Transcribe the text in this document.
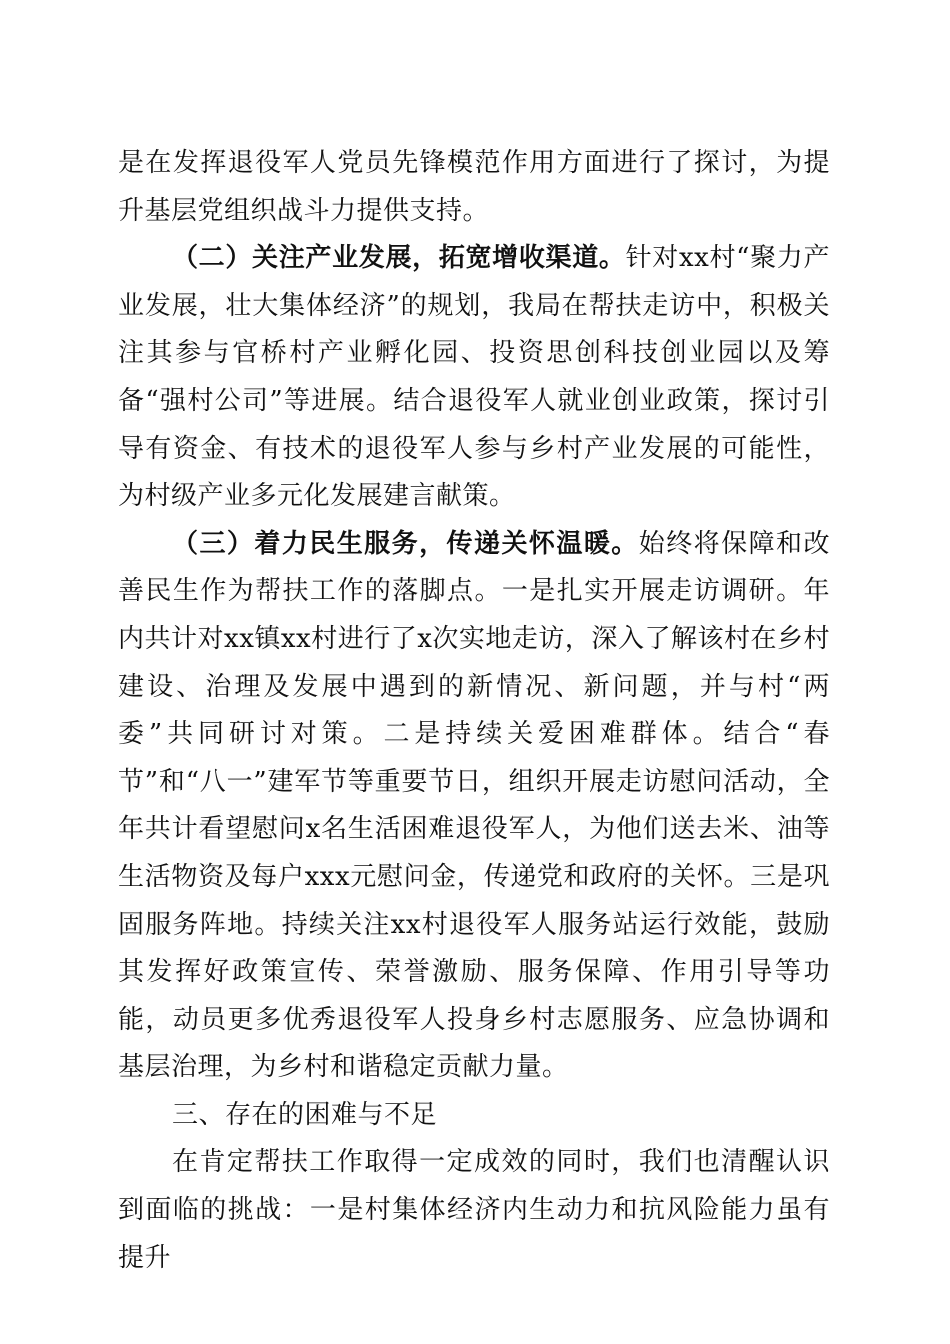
是在发挥退役军人党员先锋模范作用方面进行了探讨，为提升基层党组织战斗力提供支持。

（二）关注产业发展，拓宽增收渠道。针对xx村“聚力产业发展，壮大集体经济”的规划，我局在帮扶走访中，积极关注其参与官桥村产业孵化园、投资思创科技创业园以及筹备“强村公司”等进展。结合退役军人就业创业政策，探讨引导有资金、有技术的退役军人参与乡村产业发展的可能性，为村级产业多元化发展建言献策。

（三）着力民生服务，传递关怀温暖。始终将保障和改善民生作为帮扶工作的落脚点。一是扎实开展走访调研。年内共计对xx镇xx村进行了x次实地走访，深入了解该村在乡村建设、治理及发展中遇到的新情况、新问题，并与村“两委”共同研讨对策。二是持续关爱困难群体。结合“春节”和“八一”建军节等重要节日，组织开展走访慰问活动，全年共计看望慰问x名生活困难退役军人，为他们送去米、油等生活物资及每户xxx元慰问金，传递党和政府的关怀。三是巩固服务阵地。持续关注xx村退役军人服务站运行效能，鼓励其发挥好政策宣传、荣誉激励、服务保障、作用引导等功能，动员更多优秀退役军人投身乡村志愿服务、应急协调和基层治理，为乡村和谐稳定贡献力量。

三、存在的困难与不足

在肯定帮扶工作取得一定成效的同时，我们也清醒认识到面临的挑战：一是村集体经济内生动力和抗风险能力虽有提升
